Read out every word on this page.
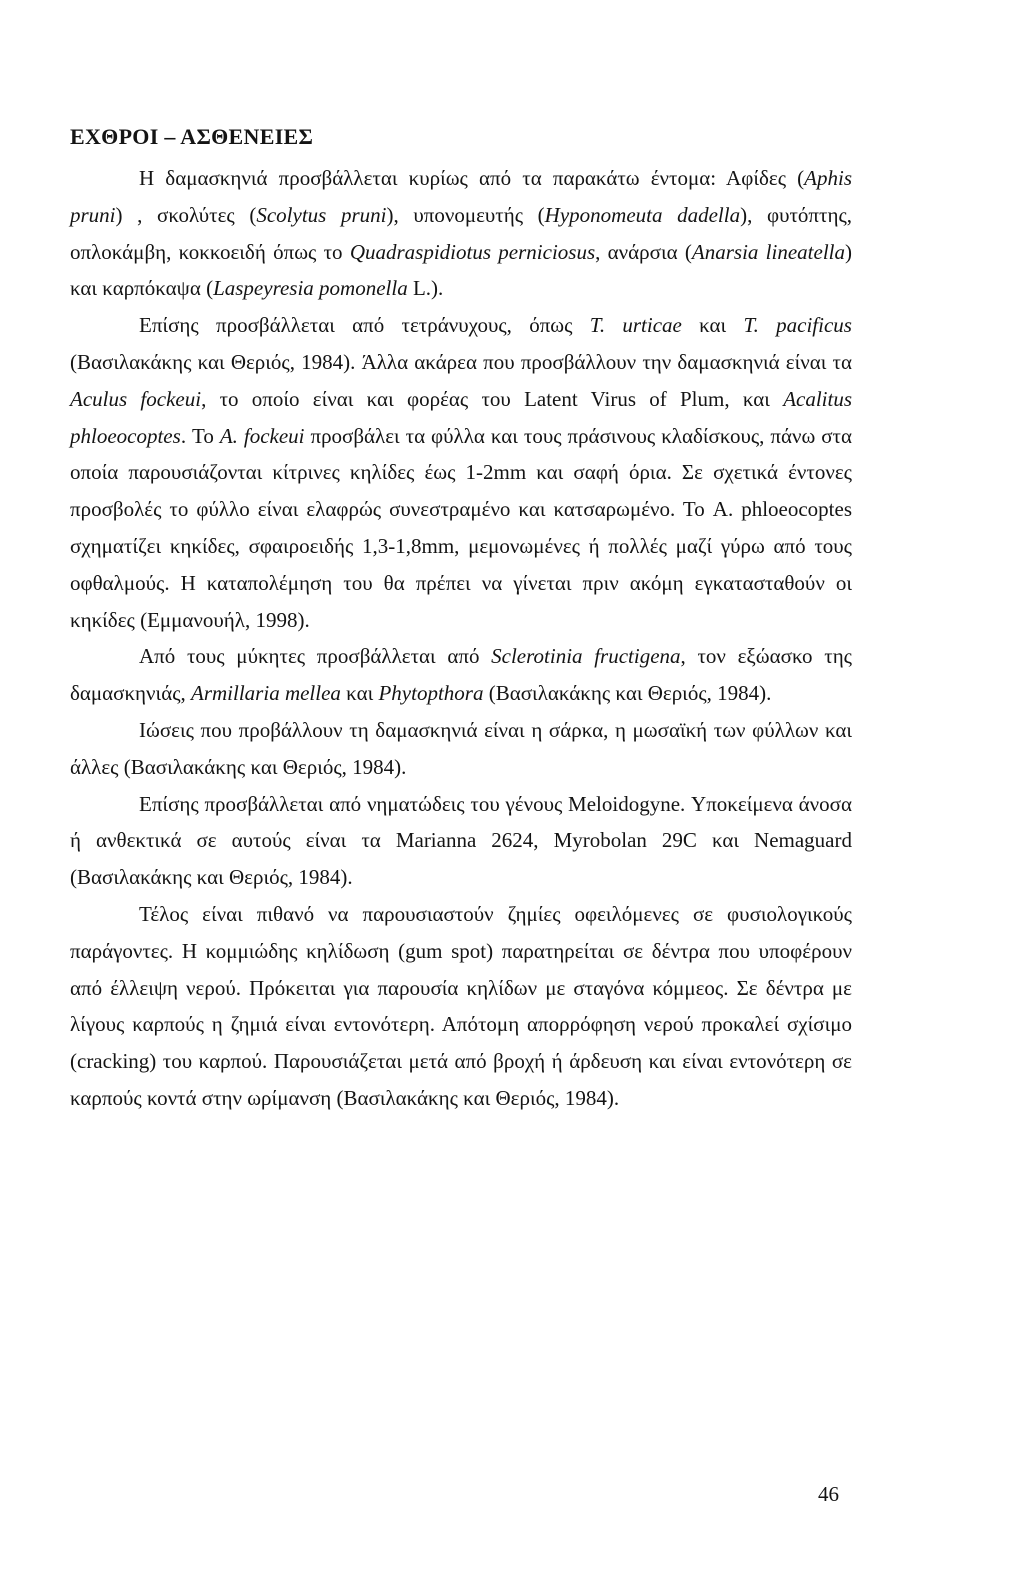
ΕΧΘΡΟΙ – ΑΣΘΕΝΕΙΕΣ

Η δαμασκηνιά προσβάλλεται κυρίως από τα παρακάτω έντομα: Αφίδες (Aphis pruni) , σκολύτες (Scolytus pruni), υπονομευτής (Hyponomeuta dadella), φυτόπτης, οπλοκάμβη, κοκκοειδή όπως το Quadraspidiotus perniciosus, ανάρσια (Anarsia lineatella) και καρπόκαψα (Laspeyresia pomonella L.).

Επίσης προσβάλλεται από τετράνυχους, όπως T. urticae και T. pacificus (Βασιλακάκης και Θεριός, 1984). Άλλα ακάρεα που προσβάλλουν την δαμασκηνιά είναι τα Aculus fockeui, το οποίο είναι και φορέας του Latent Virus of Plum, και Acalitus phloeocoptes. Το A. fockeui προσβάλει τα φύλλα και τους πράσινους κλαδίσκους, πάνω στα οποία παρουσιάζονται κίτρινες κηλίδες έως 1-2mm και σαφή όρια. Σε σχετικά έντονες προσβολές το φύλλο είναι ελαφρώς συνεστραμένο και κατσαρωμένο. Το A. phloeocoptes σχηματίζει κηκίδες, σφαιροειδής 1,3-1,8mm, μεμονωμένες ή πολλές μαζί γύρω από τους οφθαλμούς. Η καταπολέμηση του θα πρέπει να γίνεται πριν ακόμη εγκατασταθούν οι κηκίδες (Εμμανουήλ, 1998).

Από τους μύκητες προσβάλλεται από Sclerotinia fructigena, τον εξώασκο της δαμασκηνιάς, Armillaria mellea και Phytopthora (Βασιλακάκης και Θεριός, 1984).

Ιώσεις που προβάλλουν τη δαμασκηνιά είναι η σάρκα, η μωσαϊκή των φύλλων και άλλες (Βασιλακάκης και Θεριός, 1984).

Επίσης προσβάλλεται από νηματώδεις του γένους Meloidogyne. Υποκείμενα άνοσα ή ανθεκτικά σε αυτούς είναι τα Marianna 2624, Myrobolan 29C και Nemaguard (Βασιλακάκης και Θεριός, 1984).

Τέλος είναι πιθανό να παρουσιαστούν ζημίες οφειλόμενες σε φυσιολογικούς παράγοντες. Η κομμιώδης κηλίδωση (gum spot) παρατηρείται σε δέντρα που υποφέρουν από έλλειψη νερού. Πρόκειται για παρουσία κηλίδων με σταγόνα κόμμεος. Σε δέντρα με λίγους καρπούς η ζημιά είναι εντονότερη. Απότομη απορρόφηση νερού προκαλεί σχίσιμο (cracking) του καρπού. Παρουσιάζεται μετά από βροχή ή άρδευση και είναι εντονότερη σε καρπούς κοντά στην ωρίμανση (Βασιλακάκης και Θεριός, 1984).

46
